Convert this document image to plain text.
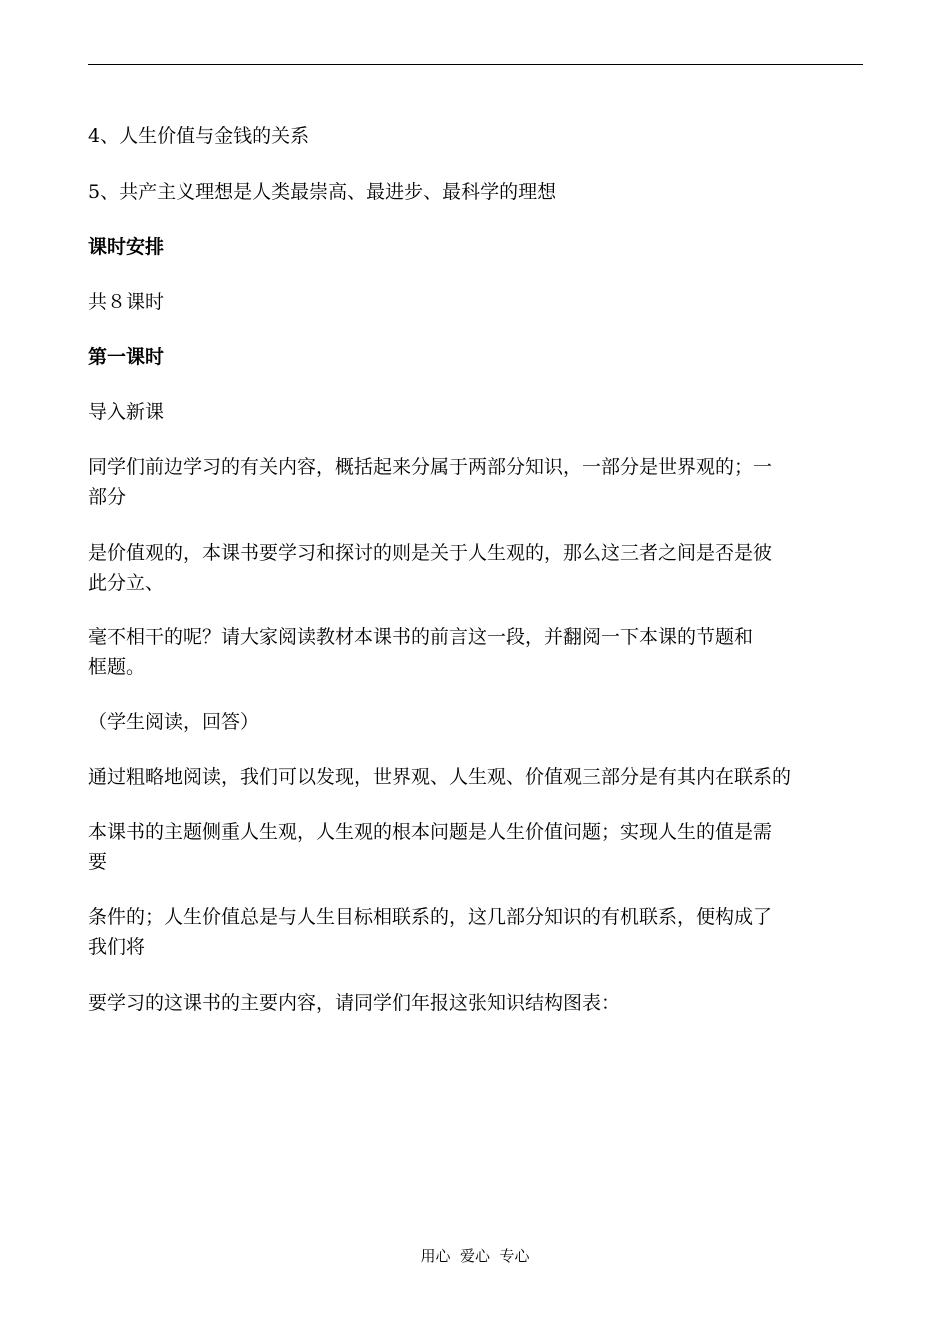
4、人生价值与金钱的关系
5、共产主义理想是人类最崇高、最进步、最科学的理想
课时安排
共８课时
第一课时
导入新课
同学们前边学习的有关内容，概括起来分属于两部分知识，一部分是世界观的；一
部分
是价值观的，本课书要学习和探讨的则是关于人生观的，那么这三者之间是否是彼
此分立、
毫不相干的呢？请大家阅读教材本课书的前言这一段，并翻阅一下本课的节题和
框题。
（学生阅读，回答）
通过粗略地阅读，我们可以发现，世界观、人生观、价值观三部分是有其内在联系的
本课书的主题侧重人生观，人生观的根本问题是人生价值问题；实现人生的值是需
要
条件的；人生价值总是与人生目标相联系的，这几部分知识的有机联系，便构成了
我们将
要学习的这课书的主要内容，请同学们年报这张知识结构图表：
用心  爱心  专心
